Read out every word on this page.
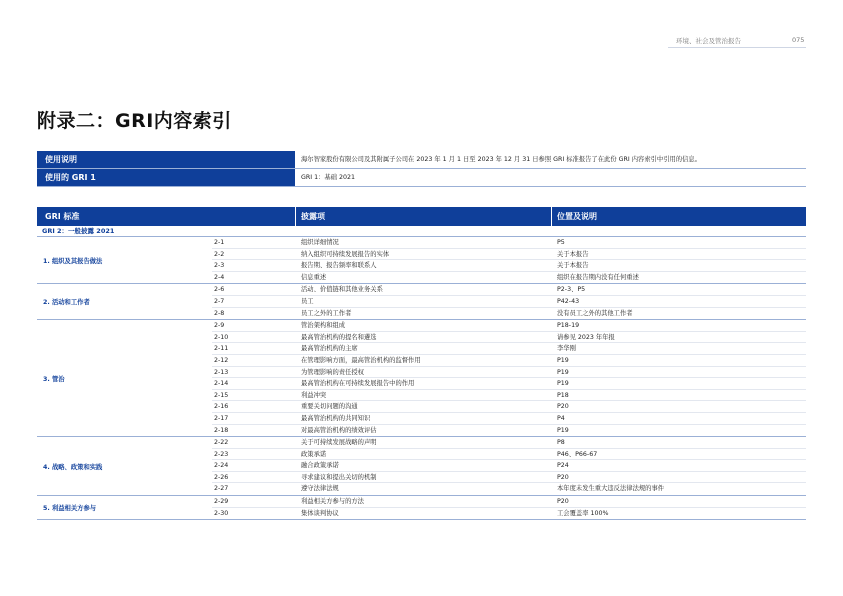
环境、社会及管治报告	075
附录二：GRI内容索引
使用说明	海尔智家股份有限公司及其附属子公司在 2023 年 1 月 1 日至 2023 年 12 月 31 日参照 GRI 标准报告了在此份 GRI 内容索引中引用的信息。
使用的 GRI 1	GRI 1：基础 2021
GRI 标准	披露项	位置及说明
GRI 2：一般披露 2021
1. 组织及其报告做法
2-1	组织详细情况	P5
2-2	纳入组织可持续发展报告的实体	关于本报告
2-3	报告期、报告频率和联系人	关于本报告
2-4	信息重述	组织在报告期内没有任何重述
2. 活动和工作者
2-6	活动、价值链和其他业务关系	P2-3、P5
2-7	员工	P42-43
2-8	员工之外的工作者	没有员工之外的其他工作者
3. 管治
2-9	管治架构和组成	P18-19
2-10	最高管治机构的提名和遴选	请参见 2023 年年报
2-11	最高管治机构的主席	李华刚
2-12	在管理影响方面，最高管治机构的监督作用	P19
2-13	为管理影响的责任授权	P19
2-14	最高管治机构在可持续发展报告中的作用	P19
2-15	利益冲突	P18
2-16	重要关切问题的沟通	P20
2-17	最高管治机构的共同知识	P4
2-18	对最高管治机构的绩效评估	P19
4. 战略、政策和实践
2-22	关于可持续发展战略的声明	P8
2-23	政策承诺	P46、P66-67
2-24	融合政策承诺	P24
2-26	寻求建议和提出关切的机制	P20
2-27	遵守法律法规	本年度未发生重大违反法律法规的事件
5. 利益相关方参与
2-29	利益相关方参与的方法	P20
2-30	集体谈判协议	工会覆盖率 100%
